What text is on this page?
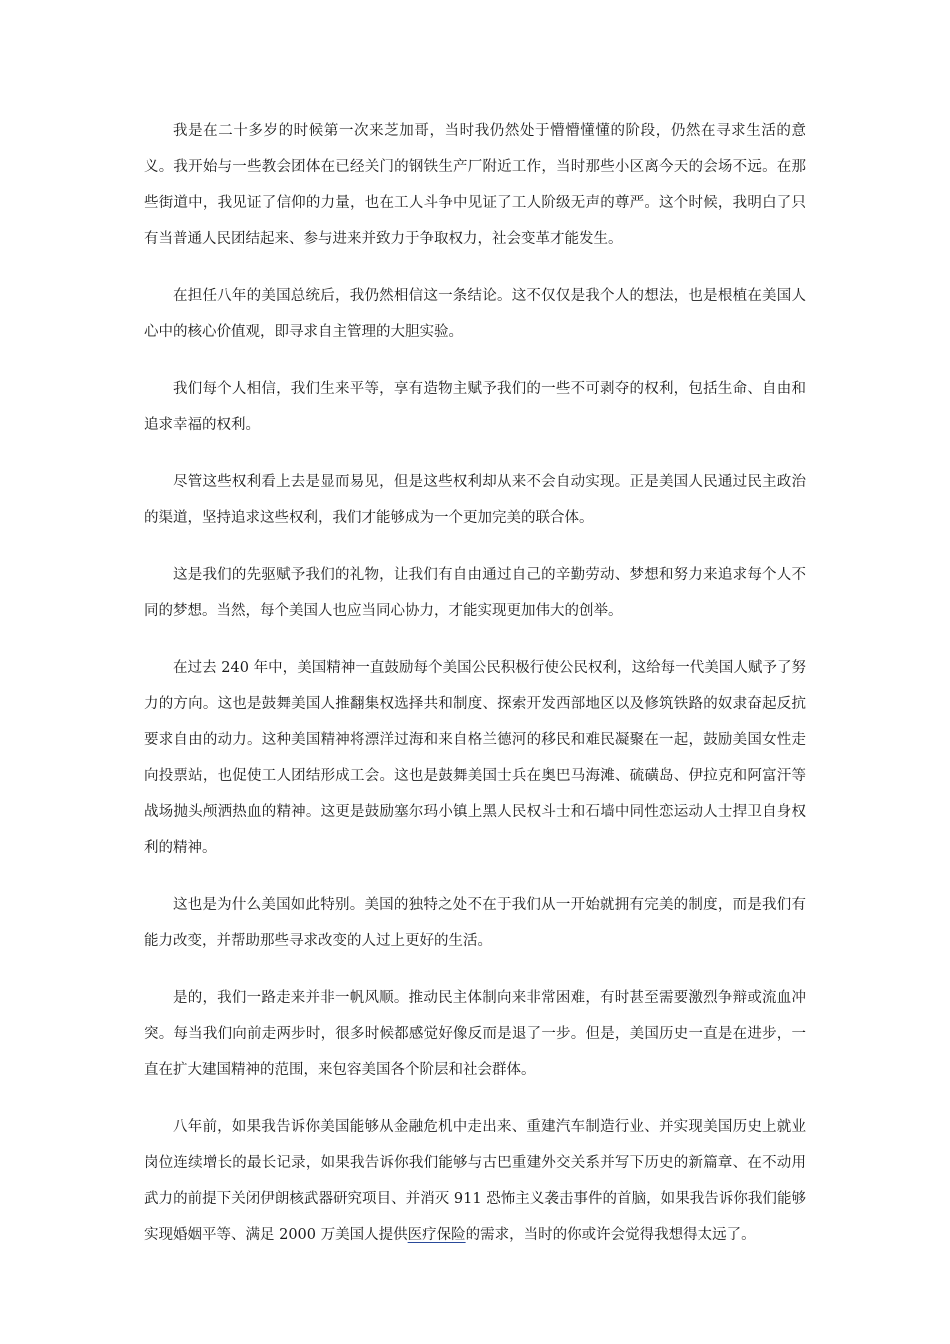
我是在二十多岁的时候第一次来芝加哥，当时我仍然处于懵懵懂懂的阶段，仍然在寻求生活的意义。我开始与一些教会团体在已经关门的钢铁生产厂附近工作，当时那些小区离今天的会场不远。在那些街道中，我见证了信仰的力量，也在工人斗争中见证了工人阶级无声的尊严。这个时候，我明白了只有当普通人民团结起来、参与进来并致力于争取权力，社会变革才能发生。

在担任八年的美国总统后，我仍然相信这一条结论。这不仅仅是我个人的想法，也是根植在美国人心中的核心价值观，即寻求自主管理的大胆实验。

我们每个人相信，我们生来平等，享有造物主赋予我们的一些不可剥夺的权利，包括生命、自由和追求幸福的权利。

尽管这些权利看上去是显而易见，但是这些权利却从来不会自动实现。正是美国人民通过民主政治的渠道，坚持追求这些权利，我们才能够成为一个更加完美的联合体。

这是我们的先驱赋予我们的礼物，让我们有自由通过自己的辛勤劳动、梦想和努力来追求每个人不同的梦想。当然，每个美国人也应当同心协力，才能实现更加伟大的创举。

在过去 240 年中，美国精神一直鼓励每个美国公民积极行使公民权利，这给每一代美国人赋予了努力的方向。这也是鼓舞美国人推翻集权选择共和制度、探索开发西部地区以及修筑铁路的奴隶奋起反抗要求自由的动力。这种美国精神将漂洋过海和来自格兰德河的移民和难民凝聚在一起，鼓励美国女性走向投票站，也促使工人团结形成工会。这也是鼓舞美国士兵在奥巴马海滩、硫磺岛、伊拉克和阿富汗等战场抛头颅洒热血的精神。这更是鼓励塞尔玛小镇上黑人民权斗士和石墙中同性恋运动人士捍卫自身权利的精神。

这也是为什么美国如此特别。美国的独特之处不在于我们从一开始就拥有完美的制度，而是我们有能力改变，并帮助那些寻求改变的人过上更好的生活。

是的，我们一路走来并非一帆风顺。推动民主体制向来非常困难，有时甚至需要激烈争辩或流血冲突。每当我们向前走两步时，很多时候都感觉好像反而是退了一步。但是，美国历史一直是在进步，一直在扩大建国精神的范围，来包容美国各个阶层和社会群体。

八年前，如果我告诉你美国能够从金融危机中走出来、重建汽车制造行业、并实现美国历史上就业岗位连续增长的最长记录，如果我告诉你我们能够与古巴重建外交关系并写下历史的新篇章、在不动用武力的前提下关闭伊朗核武器研究项目、并消灭 911 恐怖主义袭击事件的首脑，如果我告诉你我们能够实现婚姻平等、满足 2000 万美国人提供医疗保险的需求，当时的你或许会觉得我想得太远了。
